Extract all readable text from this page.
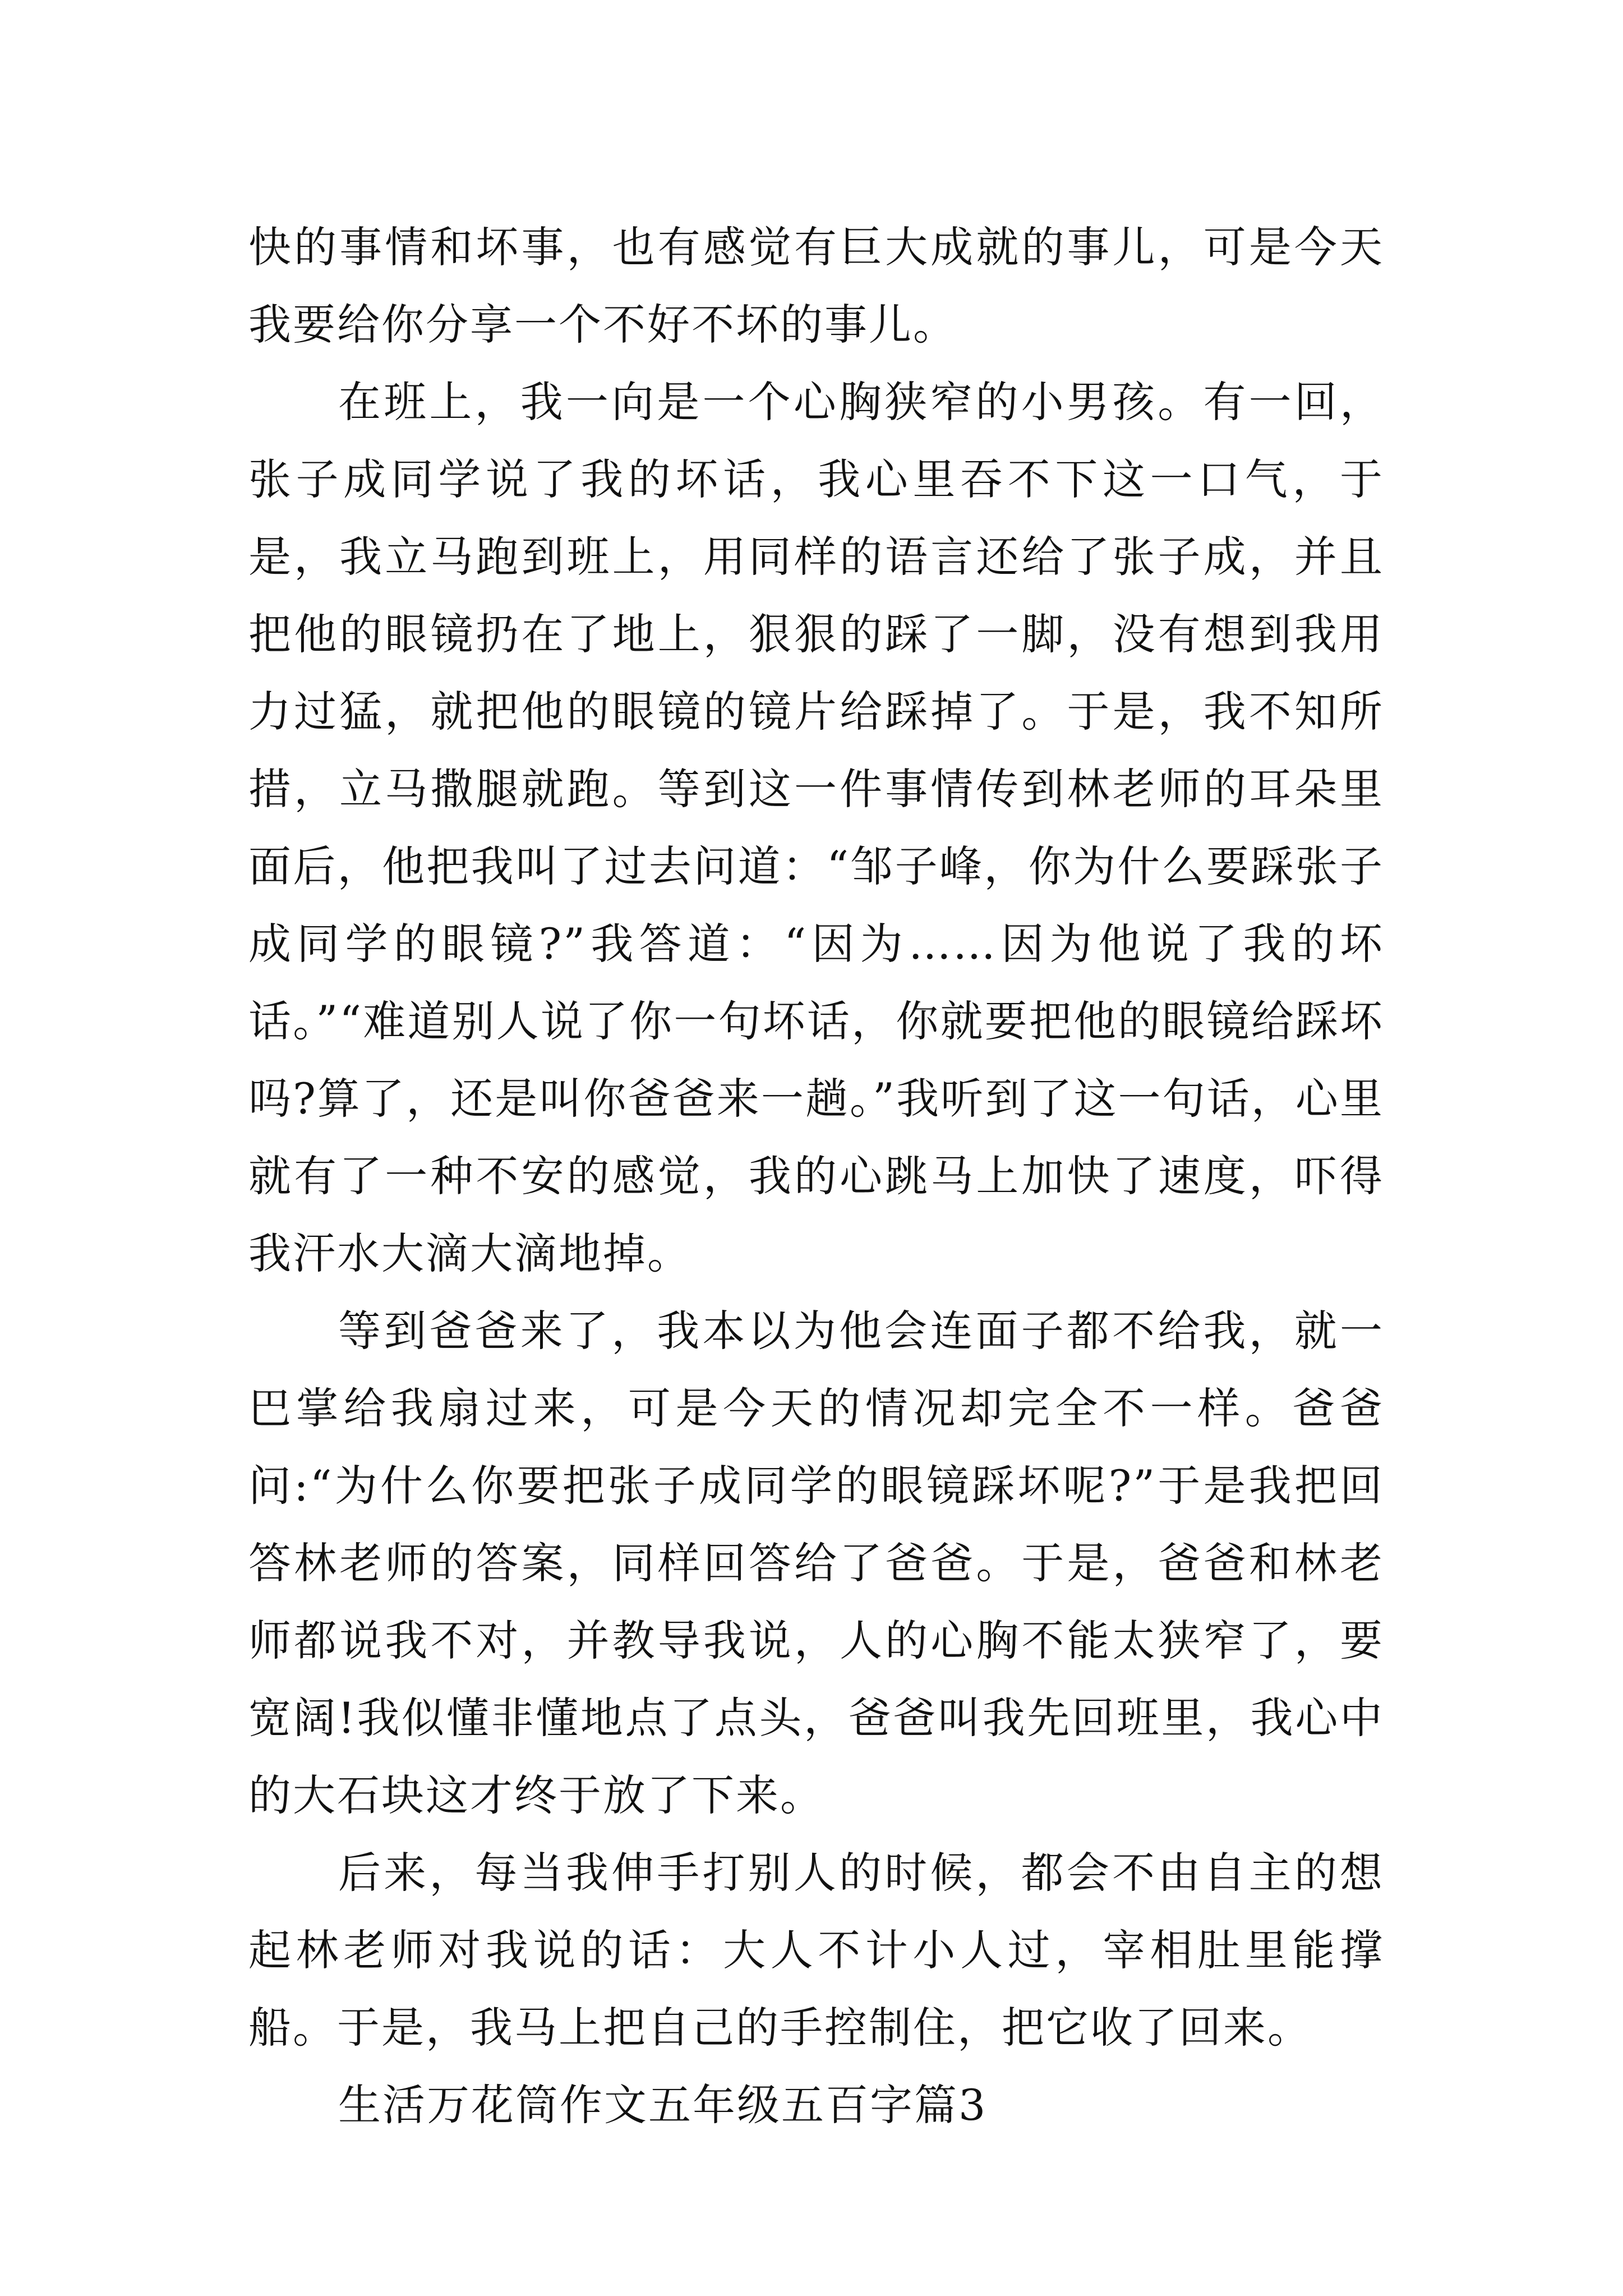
快的事情和坏事，也有感觉有巨大成就的事儿，可是今天我要给你分享一个不好不坏的事儿。

在班上，我一向是一个心胸狭窄的小男孩。有一回，张子成同学说了我的坏话，我心里吞不下这一口气，于是，我立马跑到班上，用同样的语言还给了张子成，并且把他的眼镜扔在了地上，狠狠的踩了一脚，没有想到我用力过猛，就把他的眼镜的镜片给踩掉了。于是，我不知所措，立马撒腿就跑。等到这一件事情传到林老师的耳朵里面后，他把我叫了过去问道：“邹子峰，你为什么要踩张子成同学的眼镜?”我答道：“因为……因为他说了我的坏话。”“难道别人说了你一句坏话，你就要把他的眼镜给踩坏吗?算了，还是叫你爸爸来一趟。”我听到了这一句话，心里就有了一种不安的感觉，我的心跳马上加快了速度，吓得我汗水大滴大滴地掉。

等到爸爸来了，我本以为他会连面子都不给我，就一巴掌给我扇过来，可是今天的情况却完全不一样。爸爸问:“为什么你要把张子成同学的眼镜踩坏呢?”于是我把回答林老师的答案，同样回答给了爸爸。于是，爸爸和林老师都说我不对，并教导我说，人的心胸不能太狭窄了，要宽阔!我似懂非懂地点了点头，爸爸叫我先回班里，我心中的大石块这才终于放了下来。

后来，每当我伸手打别人的时候，都会不由自主的想起林老师对我说的话：大人不计小人过，宰相肚里能撑船。于是，我马上把自己的手控制住，把它收了回来。

生活万花筒作文五年级五百字篇3
